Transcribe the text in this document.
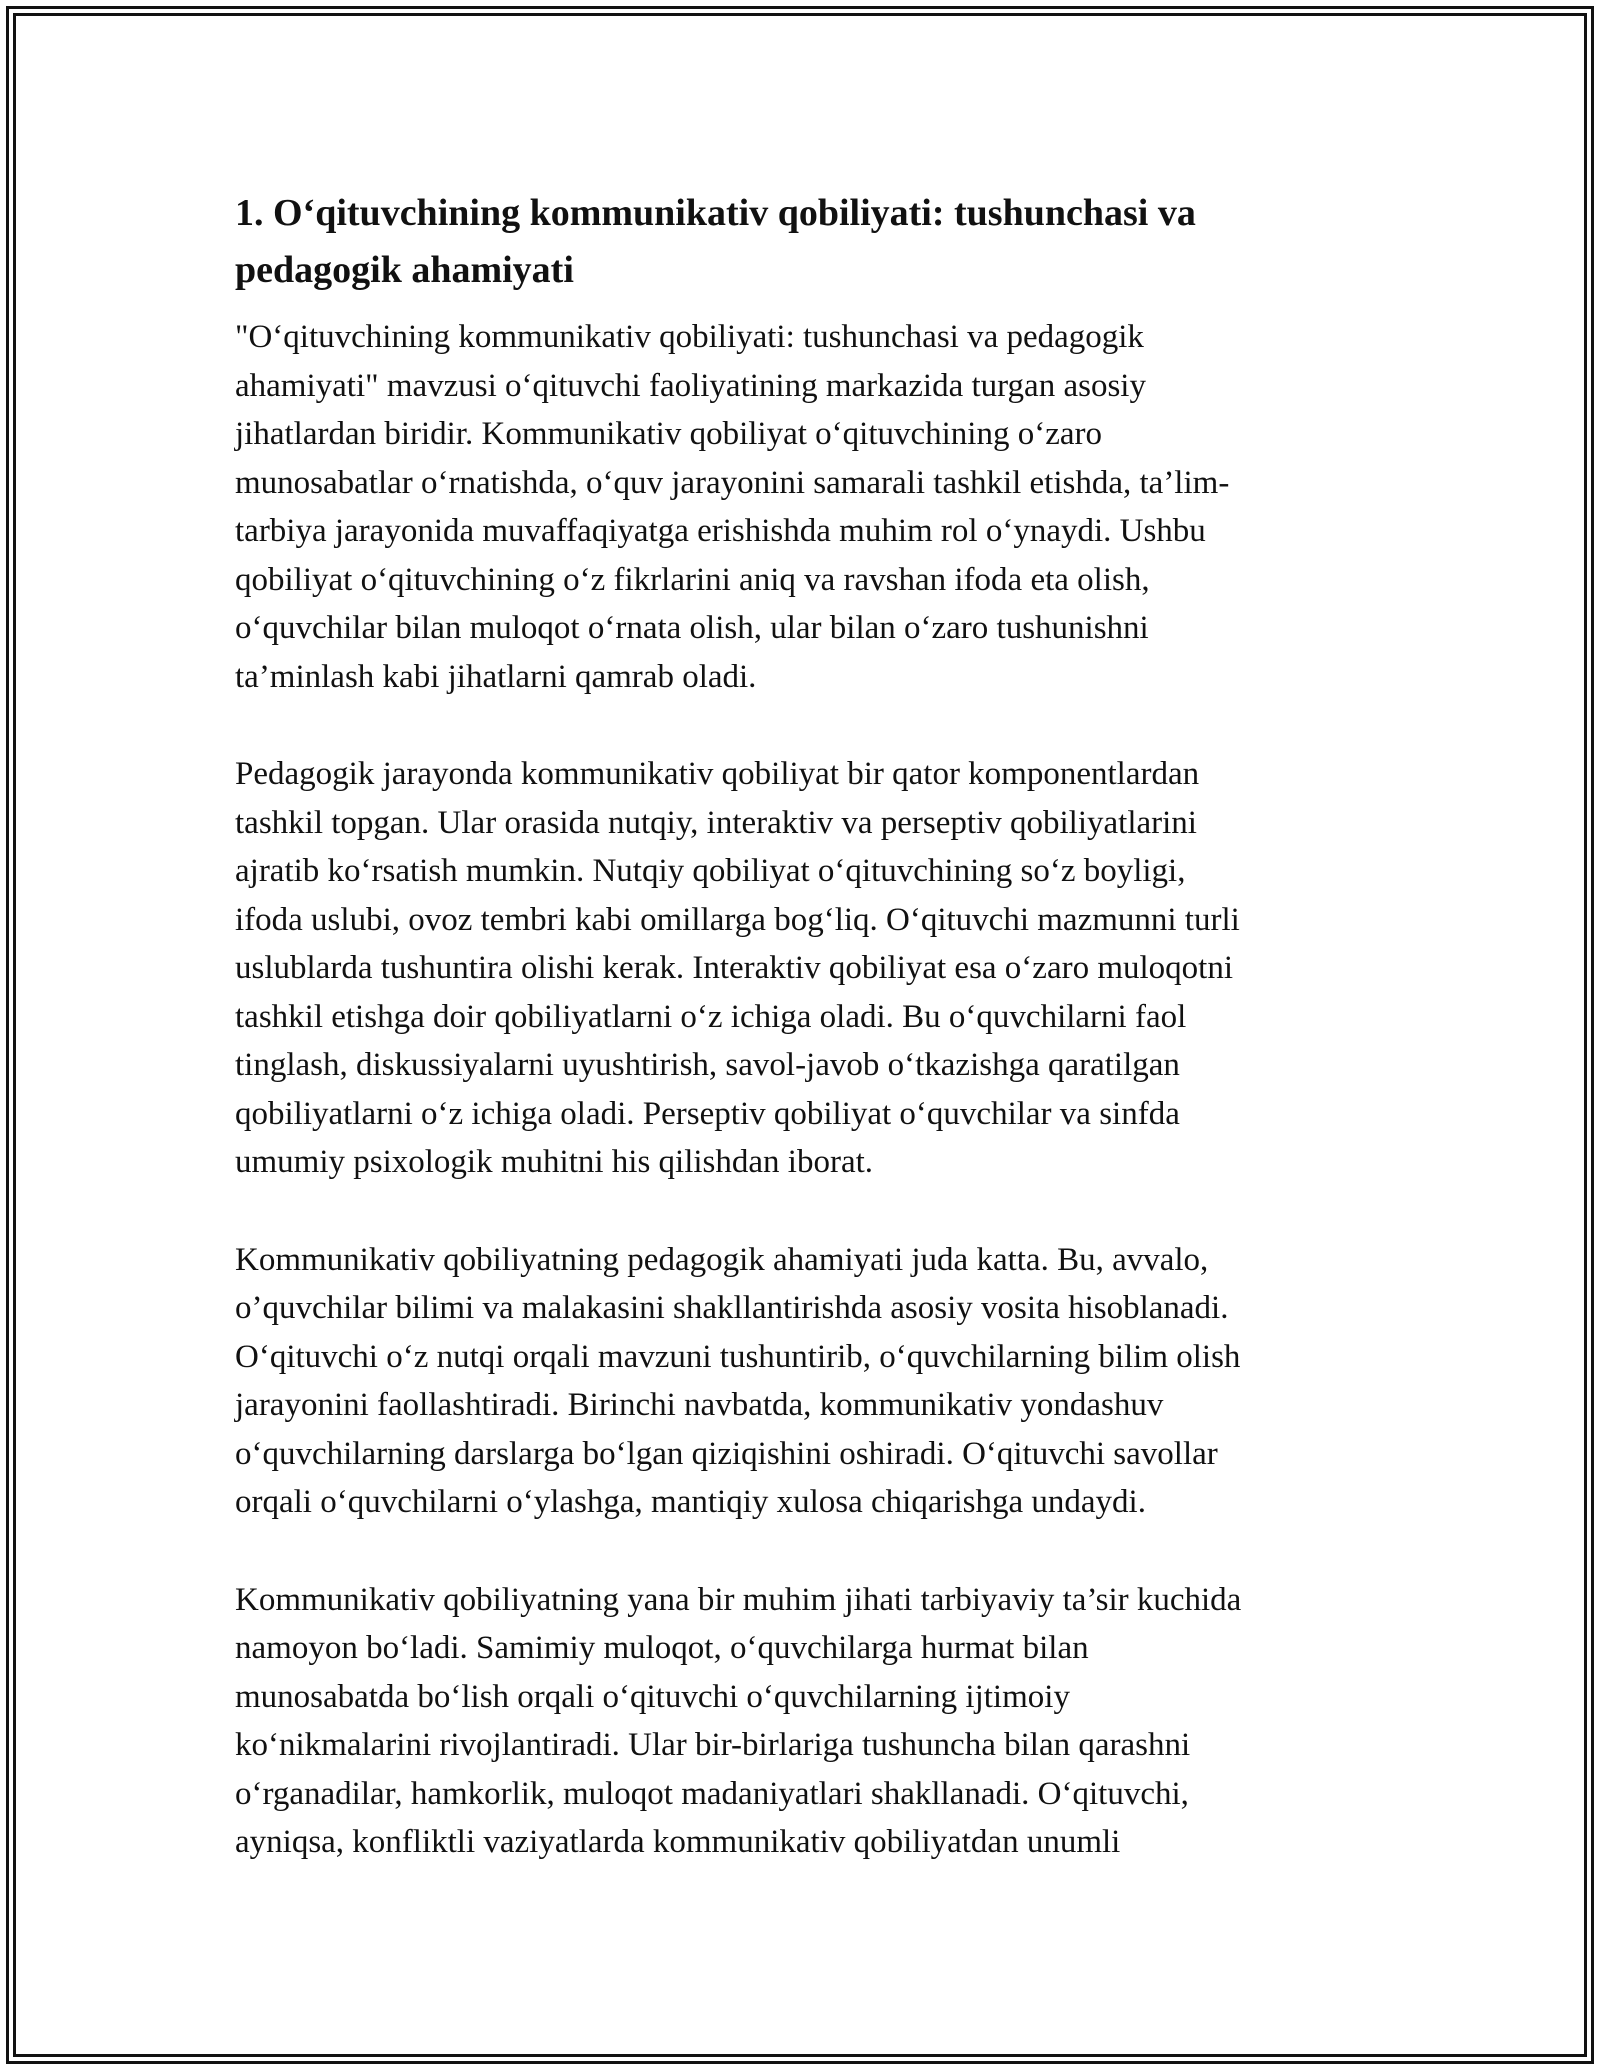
1. O‘qituvchining kommunikativ qobiliyati: tushunchasi va
pedagogik ahamiyati

"O‘qituvchining kommunikativ qobiliyati: tushunchasi va pedagogik
ahamiyati" mavzusi o‘qituvchi faoliyatining markazida turgan asosiy
jihatlardan biridir. Kommunikativ qobiliyat o‘qituvchining o‘zaro
munosabatlar o‘rnatishda, o‘quv jarayonini samarali tashkil etishda, ta’lim-
tarbiya jarayonida muvaffaqiyatga erishishda muhim rol o‘ynaydi. Ushbu
qobiliyat o‘qituvchining o‘z fikrlarini aniq va ravshan ifoda eta olish,
o‘quvchilar bilan muloqot o‘rnata olish, ular bilan o‘zaro tushunishni
ta’minlash kabi jihatlarni qamrab oladi.

Pedagogik jarayonda kommunikativ qobiliyat bir qator komponentlardan
tashkil topgan. Ular orasida nutqiy, interaktiv va perseptiv qobiliyatlarini
ajratib ko‘rsatish mumkin. Nutqiy qobiliyat o‘qituvchining so‘z boyligi,
ifoda uslubi, ovoz tembri kabi omillarga bog‘liq. O‘qituvchi mazmunni turli
uslublarda tushuntira olishi kerak. Interaktiv qobiliyat esa o‘zaro muloqotni
tashkil etishga doir qobiliyatlarni o‘z ichiga oladi. Bu o‘quvchilarni faol
tinglash, diskussiyalarni uyushtirish, savol-javob o‘tkazishga qaratilgan
qobiliyatlarni o‘z ichiga oladi. Perseptiv qobiliyat o‘quvchilar va sinfda
umumiy psixologik muhitni his qilishdan iborat.

Kommunikativ qobiliyatning pedagogik ahamiyati juda katta. Bu, avvalo,
o’quvchilar bilimi va malakasini shakllantirishda asosiy vosita hisoblanadi.
O‘qituvchi o‘z nutqi orqali mavzuni tushuntirib, o‘quvchilarning bilim olish
jarayonini faollashtiradi. Birinchi navbatda, kommunikativ yondashuv
o‘quvchilarning darslarga bo‘lgan qiziqishini oshiradi. O‘qituvchi savollar
orqali o‘quvchilarni o‘ylashga, mantiqiy xulosa chiqarishga undaydi.

Kommunikativ qobiliyatning yana bir muhim jihati tarbiyaviy ta’sir kuchida
namoyon bo‘ladi. Samimiy muloqot, o‘quvchilarga hurmat bilan
munosabatda bo‘lish orqali o‘qituvchi o‘quvchilarning ijtimoiy
ko‘nikmalarini rivojlantiradi. Ular bir-birlariga tushuncha bilan qarashni
o‘rganadilar, hamkorlik, muloqot madaniyatlari shakllanadi. O‘qituvchi,
ayniqsa, konfliktli vaziyatlarda kommunikativ qobiliyatdan unumli
